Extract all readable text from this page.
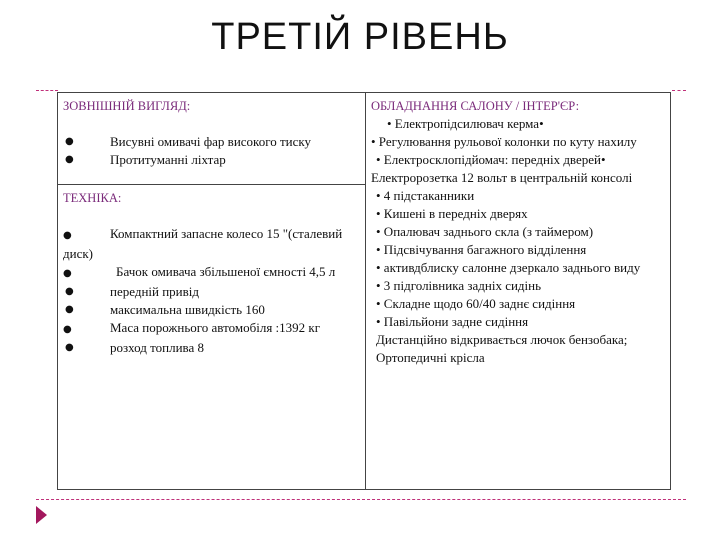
ТРЕТІЙ РІВЕНЬ
ЗОВНІШНІЙ ВИГЛЯД:
●	Висувні омивачі фар високого тиску
●	Протитуманні ліхтар

ОБЛАДНАННЯ САЛОНУ / ІНТЕР'ЄР:
• Електропідсилювач керма•
• Регулювання рульової колонки по куту нахилу
• Електросклопідйомач: передніх дверей•
Електророзетка 12 вольт в центральній консолі
• 4 підстаканники
• Кишені в передніх дверях
• Опалювач заднього скла (з таймером)
• Підсвічування багажного відділення
• активдблиску салонне дзеркало заднього виду
• 3 підголівника задніх сидінь
• Складне щодо 60/40 заднє сидіння
• Павільйони задне сидіння
Дистанційно відкривається лючок бензобака;
Ортопедичні крісла

ТЕХНІКА:
●	Компактний запасне колесо 15 "(сталевий диск)
●	Бачок омивача збільшеної ємності 4,5 л
●	передній привід
●	максимальна швидкість 160
●	Маса порожнього автомобіля :1392 кг
●	розход топлива 8
